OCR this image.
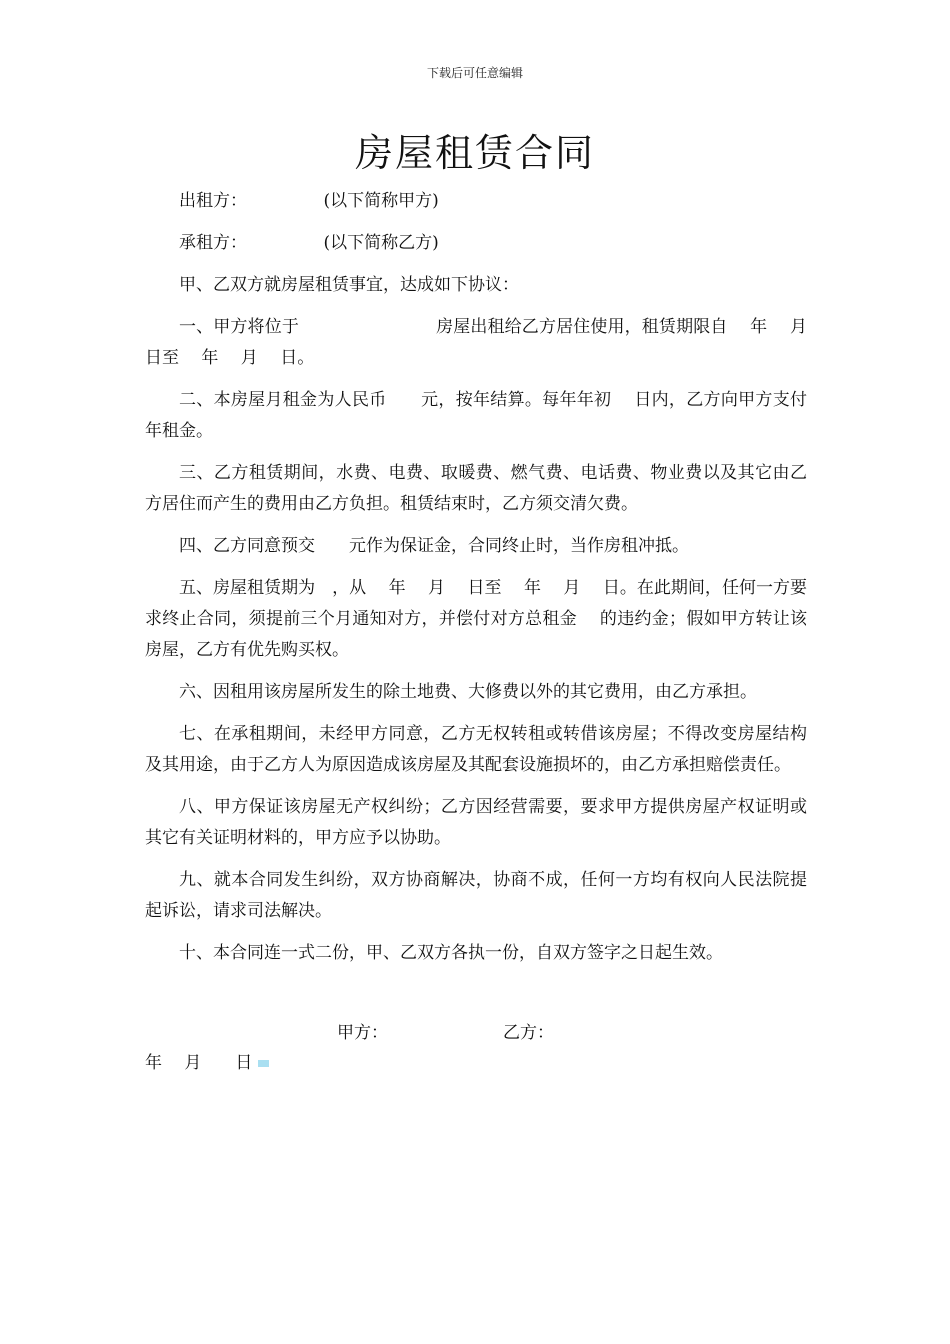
下载后可任意编辑
房屋租赁合同

出租方：　　　　　(以下简称甲方)

承租方：　　　　　(以下简称乙方)

甲、乙双方就房屋租赁事宜，达成如下协议：

一、甲方将位于　　　　　　　　房屋出租给乙方居住使用，租赁期限自　 年　 月　 日至　 年　 月　 日。

二、本房屋月租金为人民币　　元，按年结算。每年年初　 日内，乙方向甲方支付年租金。

三、乙方租赁期间，水费、电费、取暖费、燃气费、电话费、物业费以及其它由乙方居住而产生的费用由乙方负担。租赁结束时，乙方须交清欠费。

四、乙方同意预交　　元作为保证金，合同终止时，当作房租冲抵。

五、房屋租赁期为　，从　 年　 月　 日至　 年　 月　 日。在此期间，任何一方要求终止合同，须提前三个月通知对方，并偿付对方总租金　 的违约金；假如甲方转让该房屋，乙方有优先购买权。

六、因租用该房屋所发生的除土地费、大修费以外的其它费用，由乙方承担。

七、在承租期间，未经甲方同意，乙方无权转租或转借该房屋；不得改变房屋结构及其用途，由于乙方人为原因造成该房屋及其配套设施损坏的，由乙方承担赔偿责任。

八、甲方保证该房屋无产权纠纷；乙方因经营需要，要求甲方提供房屋产权证明或其它有关证明材料的，甲方应予以协助。

九、就本合同发生纠纷，双方协商解决，协商不成，任何一方均有权向人民法院提起诉讼，请求司法解决。

十、本合同连一式二份，甲、乙双方各执一份，自双方签字之日起生效。

甲方：	乙方：
年　 月　　日
